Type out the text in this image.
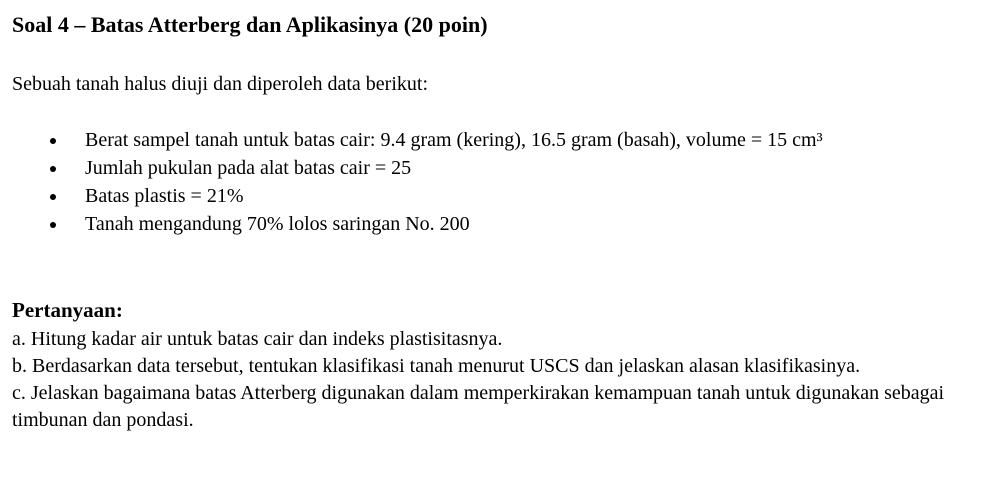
Soal 4 – Batas Atterberg dan Aplikasinya (20 poin)
Sebuah tanah halus diuji dan diperoleh data berikut:
Berat sampel tanah untuk batas cair: 9.4 gram (kering), 16.5 gram (basah), volume = 15 cm³
Jumlah pukulan pada alat batas cair = 25
Batas plastis = 21%
Tanah mengandung 70% lolos saringan No. 200
Pertanyaan:
a. Hitung kadar air untuk batas cair dan indeks plastisitasnya.
b. Berdasarkan data tersebut, tentukan klasifikasi tanah menurut USCS dan jelaskan alasan klasifikasinya.
c. Jelaskan bagaimana batas Atterberg digunakan dalam memperkirakan kemampuan tanah untuk digunakan sebagai timbunan dan pondasi.
